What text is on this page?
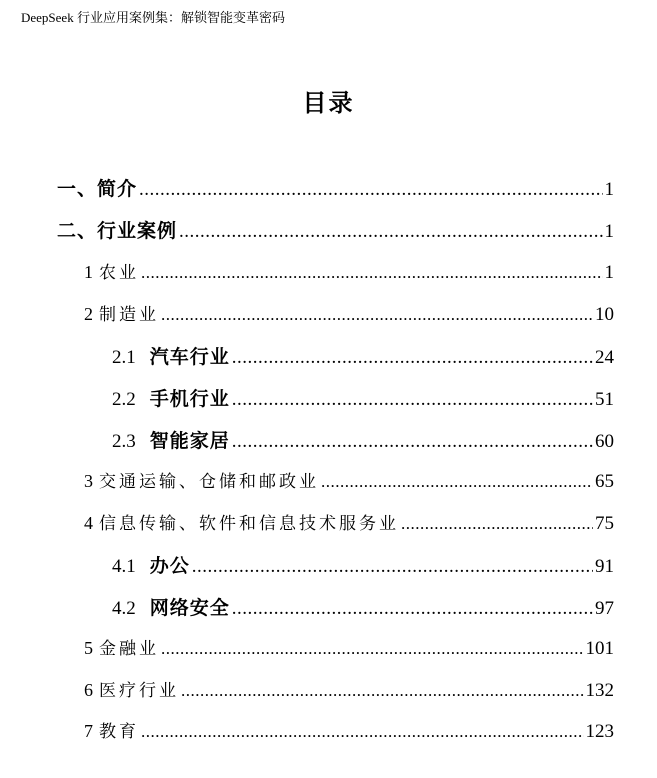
DeepSeek 行业应用案例集：解锁智能变革密码
目录
一、 简介 .....	1
二、 行业案例 .....	1
1 农业 .....	1
2 制造业 .....	10
2.1 汽车行业 .....	24
2.2 手机行业 .....	51
2.3 智能家居 .....	60
3 交通运输、仓储和邮政业 .....	65
4 信息传输、软件和信息技术服务业 .....	75
4.1 办公 .....	91
4.2 网络安全 .....	97
5 金融业 .....	101
6 医疗行业 .....	132
7 教育 .....	123
